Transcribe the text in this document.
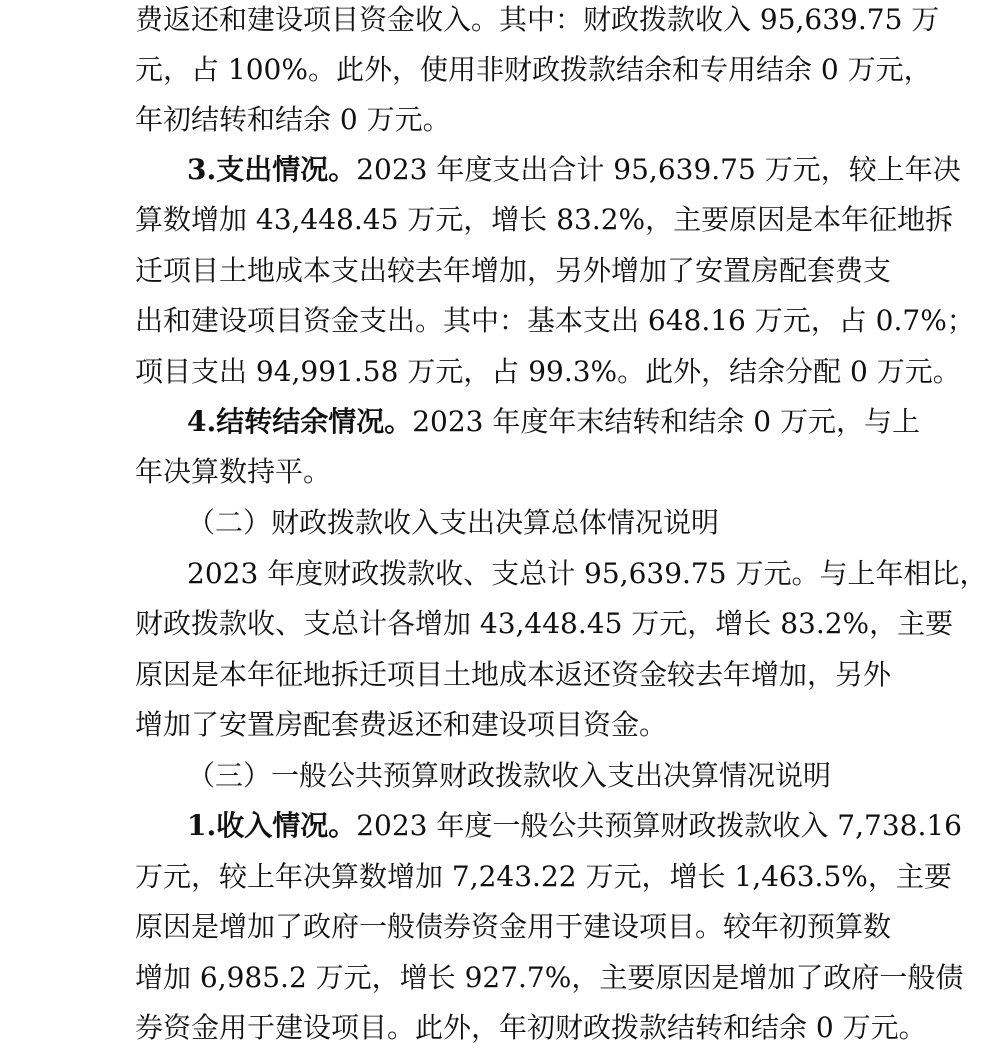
费返还和建设项目资金收入。其中：财政拨款收入 95,639.75 万
元，占 100%。此外，使用非财政拨款结余和专用结余 0 万元，
年初结转和结余 0 万元。
3.支出情况。2023 年度支出合计 95,639.75 万元，较上年决
算数增加 43,448.45 万元，增长 83.2%，主要原因是本年征地拆
迁项目土地成本支出较去年增加，另外增加了安置房配套费支
出和建设项目资金支出。其中：基本支出 648.16 万元，占 0.7%；
项目支出 94,991.58 万元，占 99.3%。此外，结余分配 0 万元。
4.结转结余情况。2023 年度年末结转和结余 0 万元，与上
年决算数持平。
（二）财政拨款收入支出决算总体情况说明
2023 年度财政拨款收、支总计 95,639.75 万元。与上年相比，
财政拨款收、支总计各增加 43,448.45 万元，增长 83.2%，主要
原因是本年征地拆迁项目土地成本返还资金较去年增加，另外
增加了安置房配套费返还和建设项目资金。
（三）一般公共预算财政拨款收入支出决算情况说明
1.收入情况。2023 年度一般公共预算财政拨款收入 7,738.16
万元，较上年决算数增加 7,243.22 万元，增长 1,463.5%，主要
原因是增加了政府一般债券资金用于建设项目。较年初预算数
增加 6,985.2 万元，增长 927.7%，主要原因是增加了政府一般债
券资金用于建设项目。此外，年初财政拨款结转和结余 0 万元。
